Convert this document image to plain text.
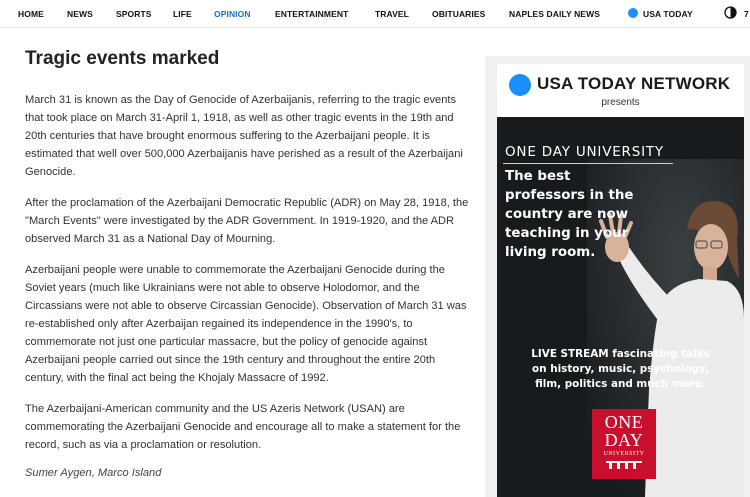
HOME	NEWS	SPORTS	LIFE	OPINION	ENTERTAINMENT	TRAVEL	OBITUARIES	NAPLES DAILY NEWS	USA TODAY	7
Tragic events marked

March 31 is known as the Day of Genocide of Azerbaijanis, referring to the tragic events that took place on March 31-April 1, 1918, as well as other tragic events in the 19th and 20th centuries that have brought enormous suffering to the Azerbaijani people. It is estimated that well over 500,000 Azerbaijanis have perished as a result of the Azerbaijani Genocide.

After the proclamation of the Azerbaijani Democratic Republic (ADR) on May 28, 1918, the "March Events" were investigated by the ADR Government. In 1919-1920, and the ADR observed March 31 as a National Day of Mourning.

Azerbaijani people were unable to commemorate the Azerbaijani Genocide during the Soviet years (much like Ukrainians were not able to observe Holodomor, and the Circassians were not able to observe Circassian Genocide). Observation of March 31 was re-established only after Azerbaijan regained its independence in the 1990's, to commemorate not just one particular massacre, but the policy of genocide against Azerbaijani people carried out since the 19th century and throughout the entire 20th century, with the final act being the Khojaly Massacre of 1992.

The Azerbaijani-American community and the US Azeris Network (USAN) are commemorating the Azerbaijani Genocide and encourage all to make a statement for the record, such as via a proclamation or resolution.

Sumer Aygen, Marco Island
USA TODAY NETWORK
presents
ONE DAY UNIVERSITY
The best professors in the country are now teaching in your living room.
LIVE STREAM fascinating talks
on history, music, psychology,
film, politics and much more.
ONE
DAY
UNIVERSITY
